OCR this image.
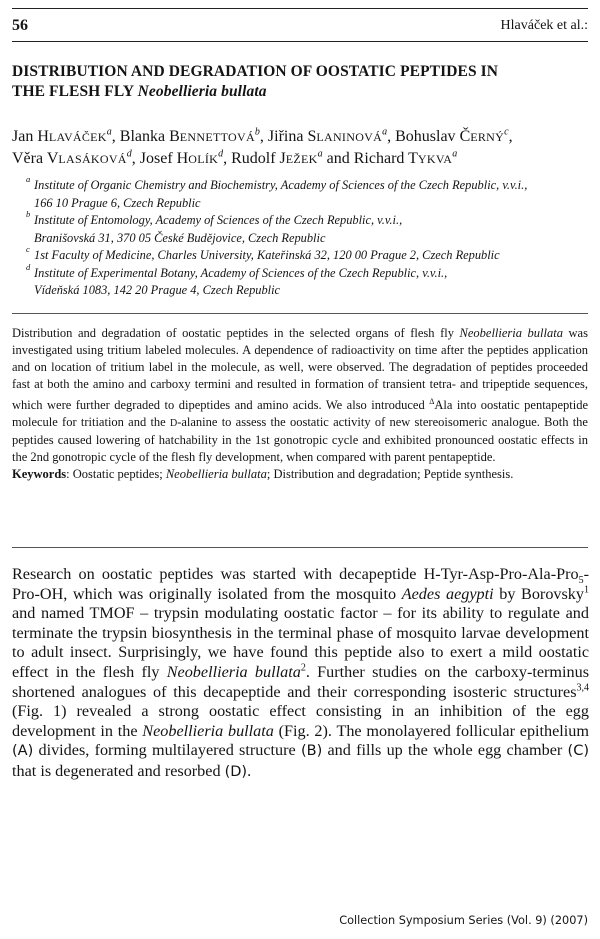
56	Hlaváček et al.:
DISTRIBUTION AND DEGRADATION OF OOSTATIC PEPTIDES IN
THE FLESH FLY Neobellieria bullata
Jan HLAVÁČEK$^a$, Blanka BENNETTOVÁ$^b$, Jiřina SLANINOVÁ$^a$, Bohuslav ČERNÝ$^c$,
Věra VLASÁKOVÁ$^d$, Josef HOLÍK$^d$, Rudolf JEŽEK$^a$ and Richard TYKVA$^a$
a Institute of Organic Chemistry and Biochemistry, Academy of Sciences of the Czech Republic, v.v.i.,
166 10 Prague 6, Czech Republic
b Institute of Entomology, Academy of Sciences of the Czech Republic, v.v.i.,
Branišovská 31, 370 05 České Budějovice, Czech Republic
c 1st Faculty of Medicine, Charles University, Kateřinská 32, 120 00 Prague 2, Czech Republic
d Institute of Experimental Botany, Academy of Sciences of the Czech Republic, v.v.i.,
Vídeňská 1083, 142 20 Prague 4, Czech Republic

Distribution and degradation of oostatic peptides in the selected organs of flesh fly Neobellieria bullata was investigated using tritium labeled molecules. A dependence of radioactivity on time after the peptides application and on location of tritium label in the molecule, as well, were observed. The degradation of peptides proceeded fast at both the amino and carboxy termini and resulted in formation of transient tetra- and tripeptide sequences, which were further degraded to dipeptides and amino acids. We also introduced $^\Delta$Ala into oostatic pentapeptide molecule for tritiation and the D-alanine to assess the oostatic activity of new stereoisomeric analogue. Both the peptides caused lowering of hatchability in the 1st gonotropic cycle and exhibited pronounced oostatic effects in the 2nd gonotropic cycle of the flesh fly development, when compared with parent pentapeptide.

Keywords: Oostatic peptides; Neobellieria bullata; Distribution and degradation; Peptide synthesis.

Research on oostatic peptides was started with decapeptide H-Tyr-Asp-Pro-Ala-Pro$_5$-Pro-OH, which was originally isolated from the mosquito Aedes aegypti by Borovsky$^1$ and named TMOF – trypsin modulating oostatic factor – for its ability to regulate and terminate the trypsin biosynthesis in the terminal phase of mosquito larvae development to adult insect. Surprisingly, we have found this peptide also to exert a mild oostatic effect in the flesh fly Neobellieria bullata$^2$. Further studies on the carboxy-terminus shortened analogues of this decapeptide and their corresponding isosteric structures$^{3,4}$ (Fig. 1) revealed a strong oostatic effect consisting in an inhibition of the egg development in the Neobellieria bullata (Fig. 2). The monolayered follicular epithelium (A) divides, forming multilayered structure (B) and fills up the whole egg chamber (C) that is degenerated and resorbed (D).

Collection Symposium Series (Vol. 9) (2007)
